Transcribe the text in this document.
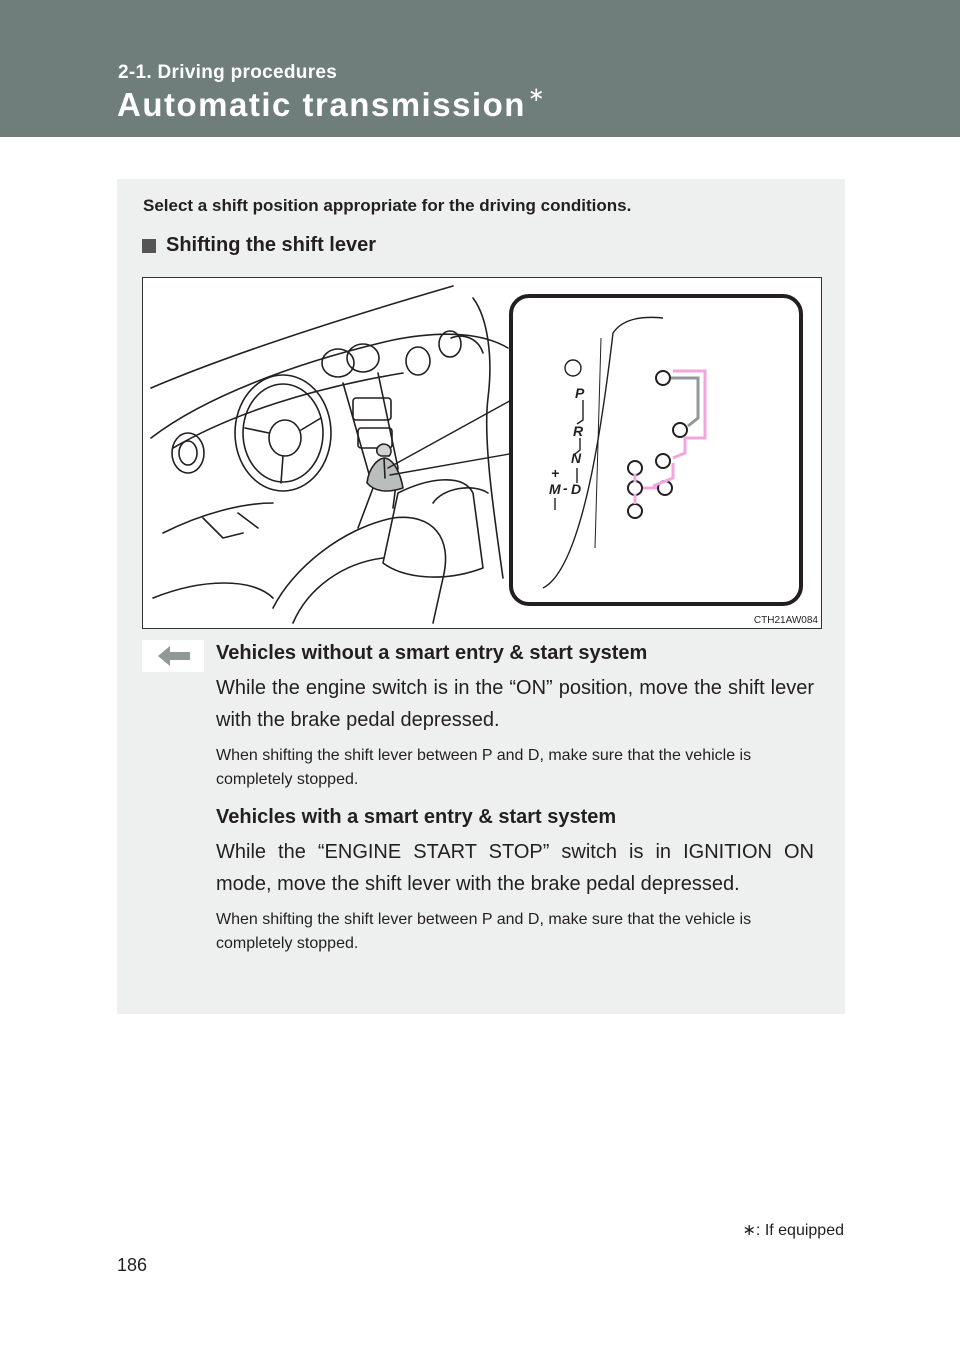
2-1. Driving procedures
Automatic transmission ∗
Select a shift position appropriate for the driving conditions.
Shifting the shift lever
P
R
N
D
M
+
-
CTH21AW084
Vehicles without a smart entry & start system
While the engine switch is in the “ON” position, move the shift lever with the brake pedal depressed.
When shifting the shift lever between P and D, make sure that the vehicle is completely stopped.
Vehicles with a smart entry & start system
While the “ENGINE START STOP” switch is in IGNITION ON mode, move the shift lever with the brake pedal depressed.
When shifting the shift lever between P and D, make sure that the vehicle is completely stopped.
∗: If equipped
186
